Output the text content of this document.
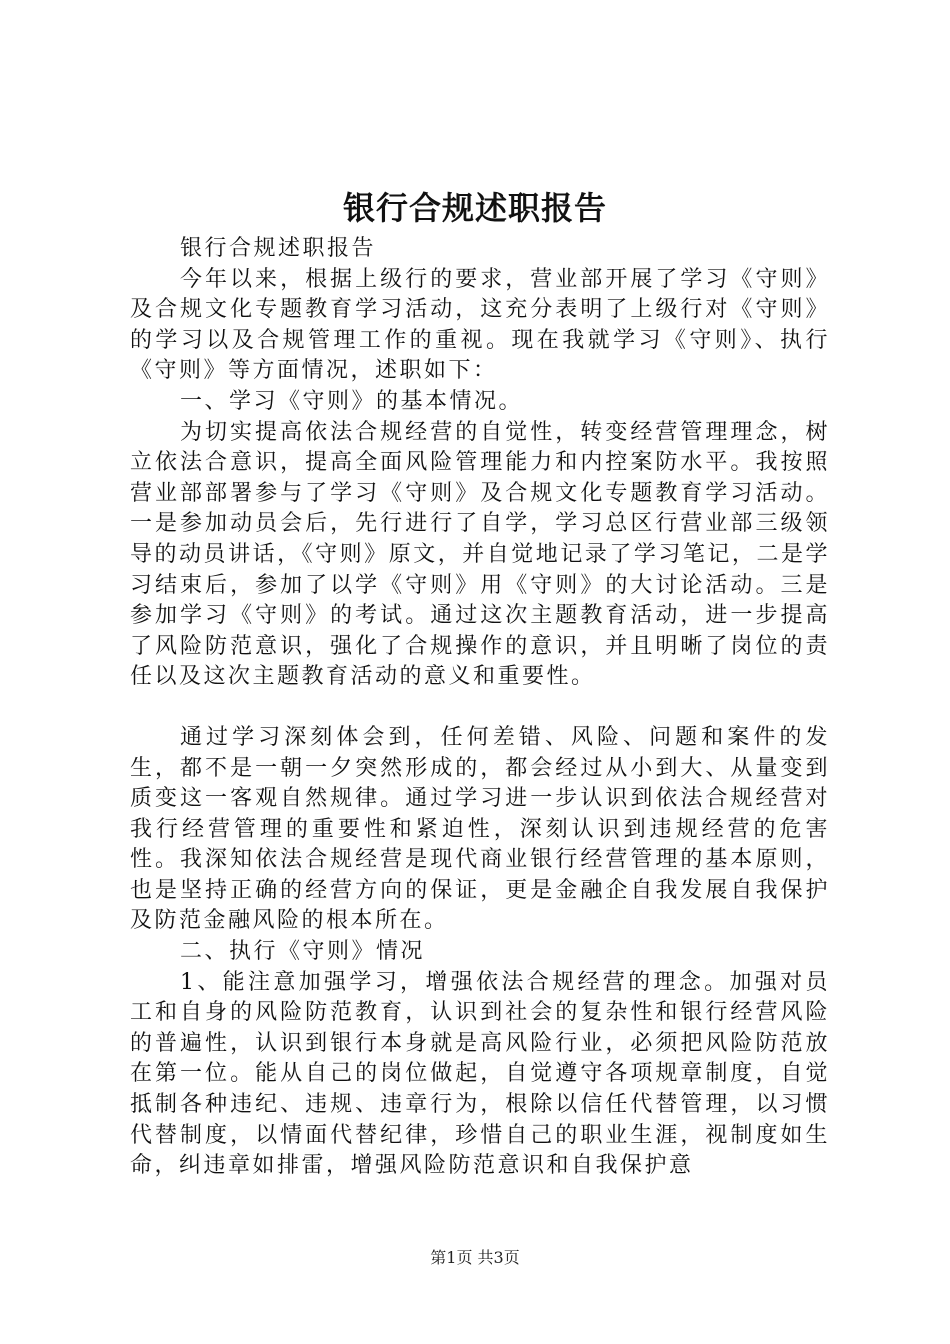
银行合规述职报告

银行合规述职报告

今年以来，根据上级行的要求，营业部开展了学习《守则》及合规文化专题教育学习活动，这充分表明了上级行对《守则》的学习以及合规管理工作的重视。现在我就学习《守则》、执行《守则》等方面情况，述职如下：

一、学习《守则》的基本情况。

为切实提高依法合规经营的自觉性，转变经营管理理念，树立依法合意识，提高全面风险管理能力和内控案防水平。我按照营业部部署参与了学习《守则》及合规文化专题教育学习活动。一是参加动员会后，先行进行了自学，学习总区行营业部三级领导的动员讲话，《守则》原文，并自觉地记录了学习笔记，二是学习结束后，参加了以学《守则》用《守则》的大讨论活动。三是参加学习《守则》的考试。通过这次主题教育活动，进一步提高了风险防范意识，强化了合规操作的意识，并且明晰了岗位的责任以及这次主题教育活动的意义和重要性。

通过学习深刻体会到，任何差错、风险、问题和案件的发生，都不是一朝一夕突然形成的，都会经过从小到大、从量变到质变这一客观自然规律。通过学习进一步认识到依法合规经营对我行经营管理的重要性和紧迫性，深刻认识到违规经营的危害性。我深知依法合规经营是现代商业银行经营管理的基本原则，也是坚持正确的经营方向的保证，更是金融企自我发展自我保护及防范金融风险的根本所在。

二、执行《守则》情况

1、能注意加强学习，增强依法合规经营的理念。加强对员工和自身的风险防范教育，认识到社会的复杂性和银行经营风险的普遍性，认识到银行本身就是高风险行业，必须把风险防范放在第一位。能从自己的岗位做起，自觉遵守各项规章制度，自觉抵制各种违纪、违规、违章行为，根除以信任代替管理，以习惯代替制度，以情面代替纪律，珍惜自己的职业生涯，视制度如生命，纠违章如排雷，增强风险防范意识和自我保护意

第1页 共3页
